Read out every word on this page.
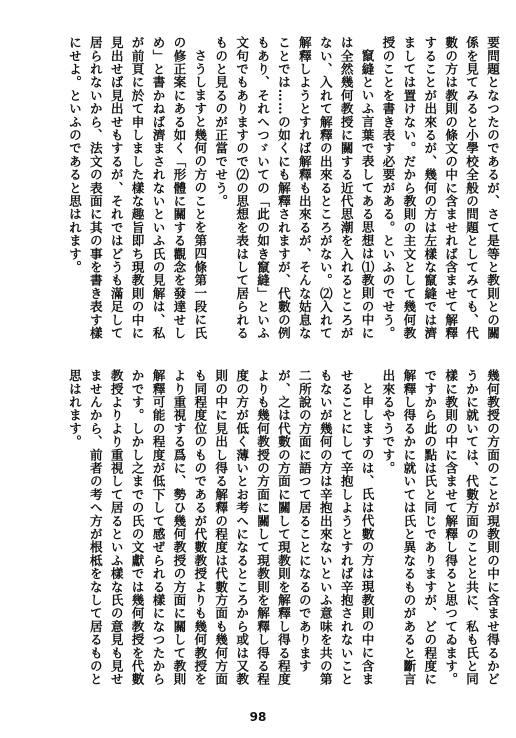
要問題となつたのであるが、さて是等と教則との關係を見てみると小學校全般の問題としてみても、代數の方は教則の條文の中に含ませれば含ませて解釋することが出來るが、幾何の方は左樣な竄縫では濟ましては置けない。だから教則の主文として幾何教授のことを書き表す必要がある。といふのでせう。

竄縫といふ言葉で表してある思想は⑴教則の中には全然幾何教授に關する近代思潮を入れるところがない、入れて解釋の出來るところがない。⑵入れて解釋しようとすれば解釋も出來るが、そんな姑息なことでは……の如くにも解釋されますが、代數の例もあり、それへつゞいての「此の如き竄縫」といふ文句でもありますので⑵の思想を表はして居られるものと見るのが正當でせう。

さうしますと幾何の方のことを第四條第一段に氏の修正案にある如く「形體に關する觀念を發達せしめ」と書かねば濟まされないといふ氏の見解は、私が前頁に於て申しました樣な趣旨即ち現教則の中に見出せば見出せもするが、それではどうも滿足して居られないから、法文の表面に其の事を書き表す樣にせよ。といふのであると思はれます。

幾何教授の方面のことが現教則の中に含ませ得るかどうかに就いては、代數方面のことと共に、私も氏と同樣に教則の中に含ませて解釋し得ると思つてゐます。ですから此の點は氏と同じでありますが、どの程度に解釋し得るかに就いては氏と異なるものがあると斷言出來るやうです。

と申しますのは、氏は代數の方は現教則の中に含ませることにして辛抱しようとすれば辛抱されないこともないが幾何の方は辛抱出來ないといふ意味を共の第二所說の方面に語つて居ることになるのでありますが、之は代數の方面に關して現教則を解釋し得る程度よりも幾何教授の方面に關して現教則を解釋し得る程度の方が低く薄いとお考へになるところから或は又教則の中に見出し得る解釋の程度は代數方面も幾何方面も同程度位のものであるが代數教授よりも幾何教授をより重視する爲に、勢ひ幾何教授の方面に關して教則解釋可能の程度が低下して感ぜられる樣になつたからかです。しかし之までの氏の文獻では幾何教授を代數教授よりより重視して居るといふ樣な氏の意見も見せませんから、前者の考へ方が根柢をなして居るものと思はれます。

98
